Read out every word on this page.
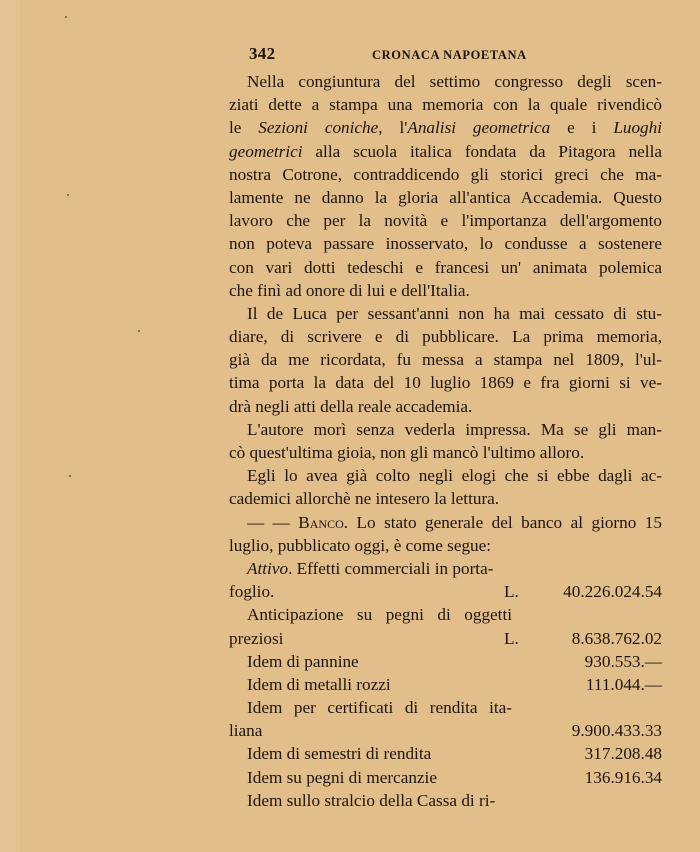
342	CRONACA NAPOETANA
Nella congiuntura del settimo congresso degli scen-
ziati dette a stampa una memoria con la quale rivendicò
le Sezioni coniche, l'Analisi geometrica e i Luoghi
geometrici alla scuola italica fondata da Pitagora nella
nostra Cotrone, contraddicendo gli storici greci che ma-
lamente ne danno la gloria all'antica Accademia. Questo
lavoro che per la novità e l'importanza dell'argomento
non poteva passare inosservato, lo condusse a sostenere
con vari dotti tedeschi e francesi un' animata polemica
che finì ad onore di lui e dell'Italia.
Il de Luca per sessant'anni non ha mai cessato di stu-
diare, di scrivere e di pubblicare. La prima memoria,
già da me ricordata, fu messa a stampa nel 1809, l'ul-
tima porta la data del 10 luglio 1869 e fra giorni si ve-
drà negli atti della reale accademia.
L'autore morì senza vederla impressa. Ma se gli man-
cò quest'ultima gioia, non gli mancò l'ultimo alloro.
Egli lo avea già colto negli elogi che si ebbe dagli ac-
cademici allorchè ne intesero la lettura.
— — Banco. Lo stato generale del banco al giorno 15
luglio, pubblicato oggi, è come segue:
Attivo. Effetti commerciali in porta-
foglio.	L.	40.226.024.54
Anticipazione su pegni di oggetti
preziosi	L.	8.638.762.02
Idem di pannine	930.553.—
Idem di metalli rozzi	111.044.—
Idem per certificati di rendita ita-
liana	9.900.433.33
Idem di semestri di rendita	317.208.48
Idem su pegni di mercanzie	136.916.34
Idem sullo stralcio della Cassa di ri-
